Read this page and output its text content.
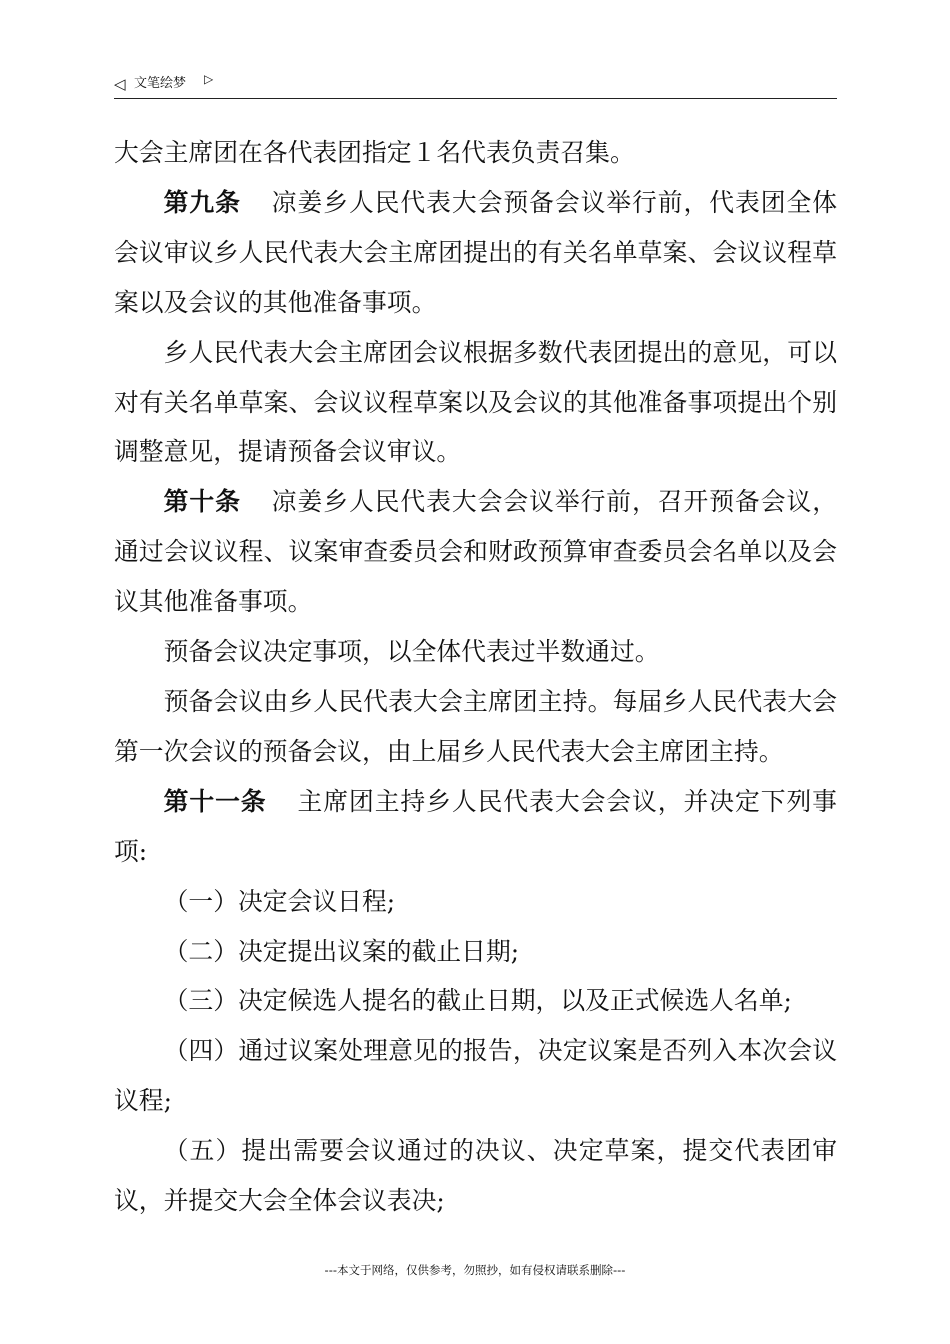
◁ 文笔绘梦 ▷

大会主席团在各代表团指定１名代表负责召集。

第九条 凉姜乡人民代表大会预备会议举行前，代表团全体会议审议乡人民代表大会主席团提出的有关名单草案、会议议程草案以及会议的其他准备事项。

乡人民代表大会主席团会议根据多数代表团提出的意见，可以对有关名单草案、会议议程草案以及会议的其他准备事项提出个别调整意见，提请预备会议审议。

第十条 凉姜乡人民代表大会会议举行前，召开预备会议，通过会议议程、议案审查委员会和财政预算审查委员会名单以及会议其他准备事项。

预备会议决定事项，以全体代表过半数通过。

预备会议由乡人民代表大会主席团主持。每届乡人民代表大会第一次会议的预备会议，由上届乡人民代表大会主席团主持。

第十一条 主席团主持乡人民代表大会会议，并决定下列事项:

（一）决定会议日程;

（二）决定提出议案的截止日期;

（三）决定候选人提名的截止日期，以及正式候选人名单;

（四）通过议案处理意见的报告，决定议案是否列入本次会议议程;

（五）提出需要会议通过的决议、决定草案，提交代表团审议，并提交大会全体会议表决;

---本文于网络，仅供参考，勿照抄，如有侵权请联系删除---
